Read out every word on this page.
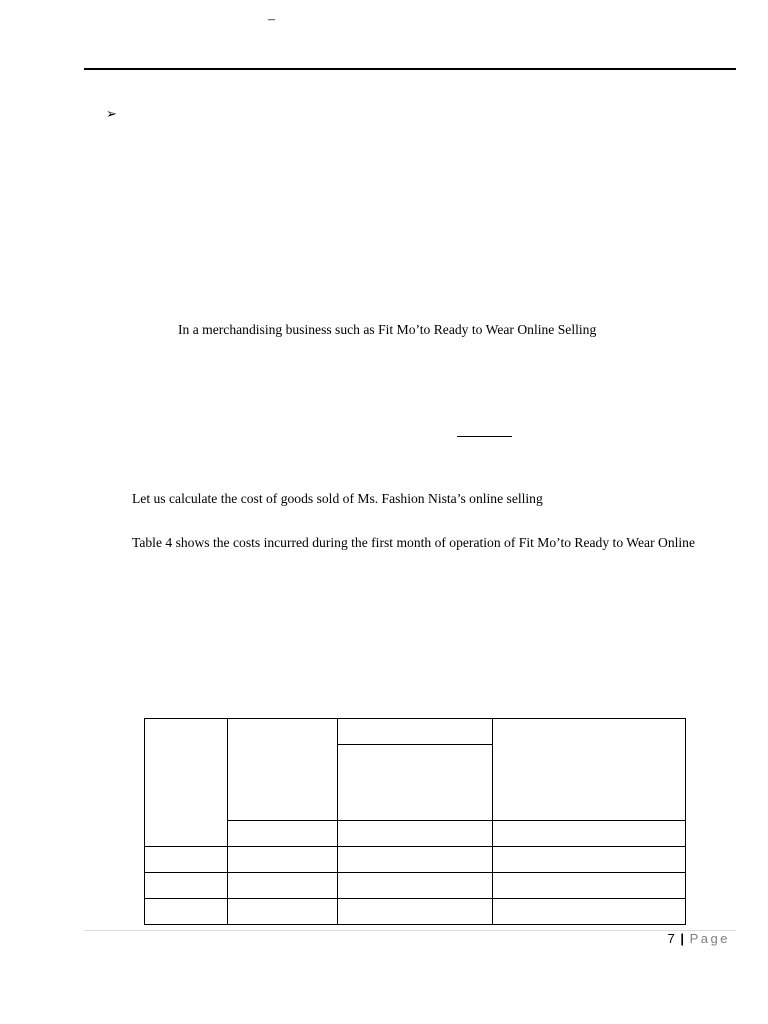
–
➢
In a merchandising business such as Fit Mo’to Ready to Wear Online Selling
Let us calculate the cost of goods sold of Ms. Fashion Nista’s online selling
Table 4 shows the costs incurred during the first month of operation of Fit Mo’to Ready to Wear Online

7 | Page
